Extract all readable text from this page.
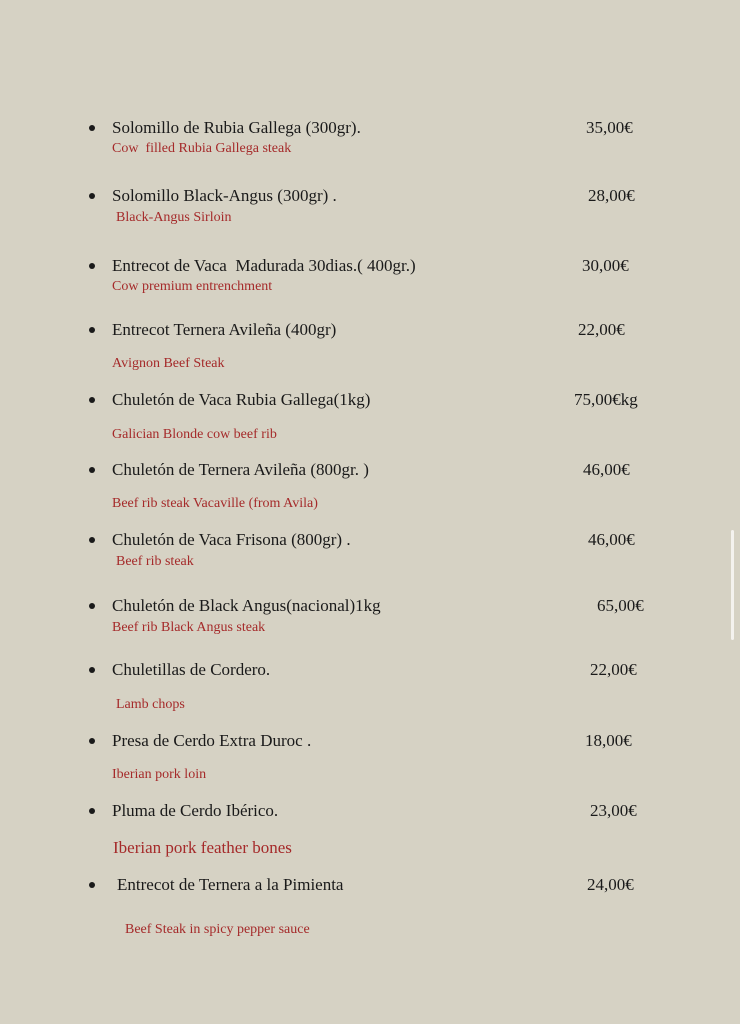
Solomillo de Rubia Gallega (300gr).	35,00€
Cow  filled Rubia Gallega steak
Solomillo Black-Angus (300gr) .	28,00€
Black-Angus Sirloin
Entrecot de Vaca  Madurada 30dias.( 400gr.)	30,00€
Cow premium entrenchment
Entrecot Ternera Avileña (400gr)	22,00€
Avignon Beef Steak
Chuletón de Vaca Rubia Gallega(1kg)	75,00€kg
Galician Blonde cow beef rib
Chuletón de Ternera Avileña (800gr. )	46,00€
Beef rib steak Vacaville (from Avila)
Chuletón de Vaca Frisona (800gr) .	46,00€
Beef rib steak
Chuletón de Black Angus(nacional)1kg	65,00€
Beef rib Black Angus steak
Chuletillas de Cordero.	22,00€
Lamb chops
Presa de Cerdo Extra Duroc .	18,00€
Iberian pork loin
Pluma de Cerdo Ibérico.	23,00€
Iberian pork feather bones
Entrecot de Ternera a la Pimienta	24,00€
Beef Steak in spicy pepper sauce
